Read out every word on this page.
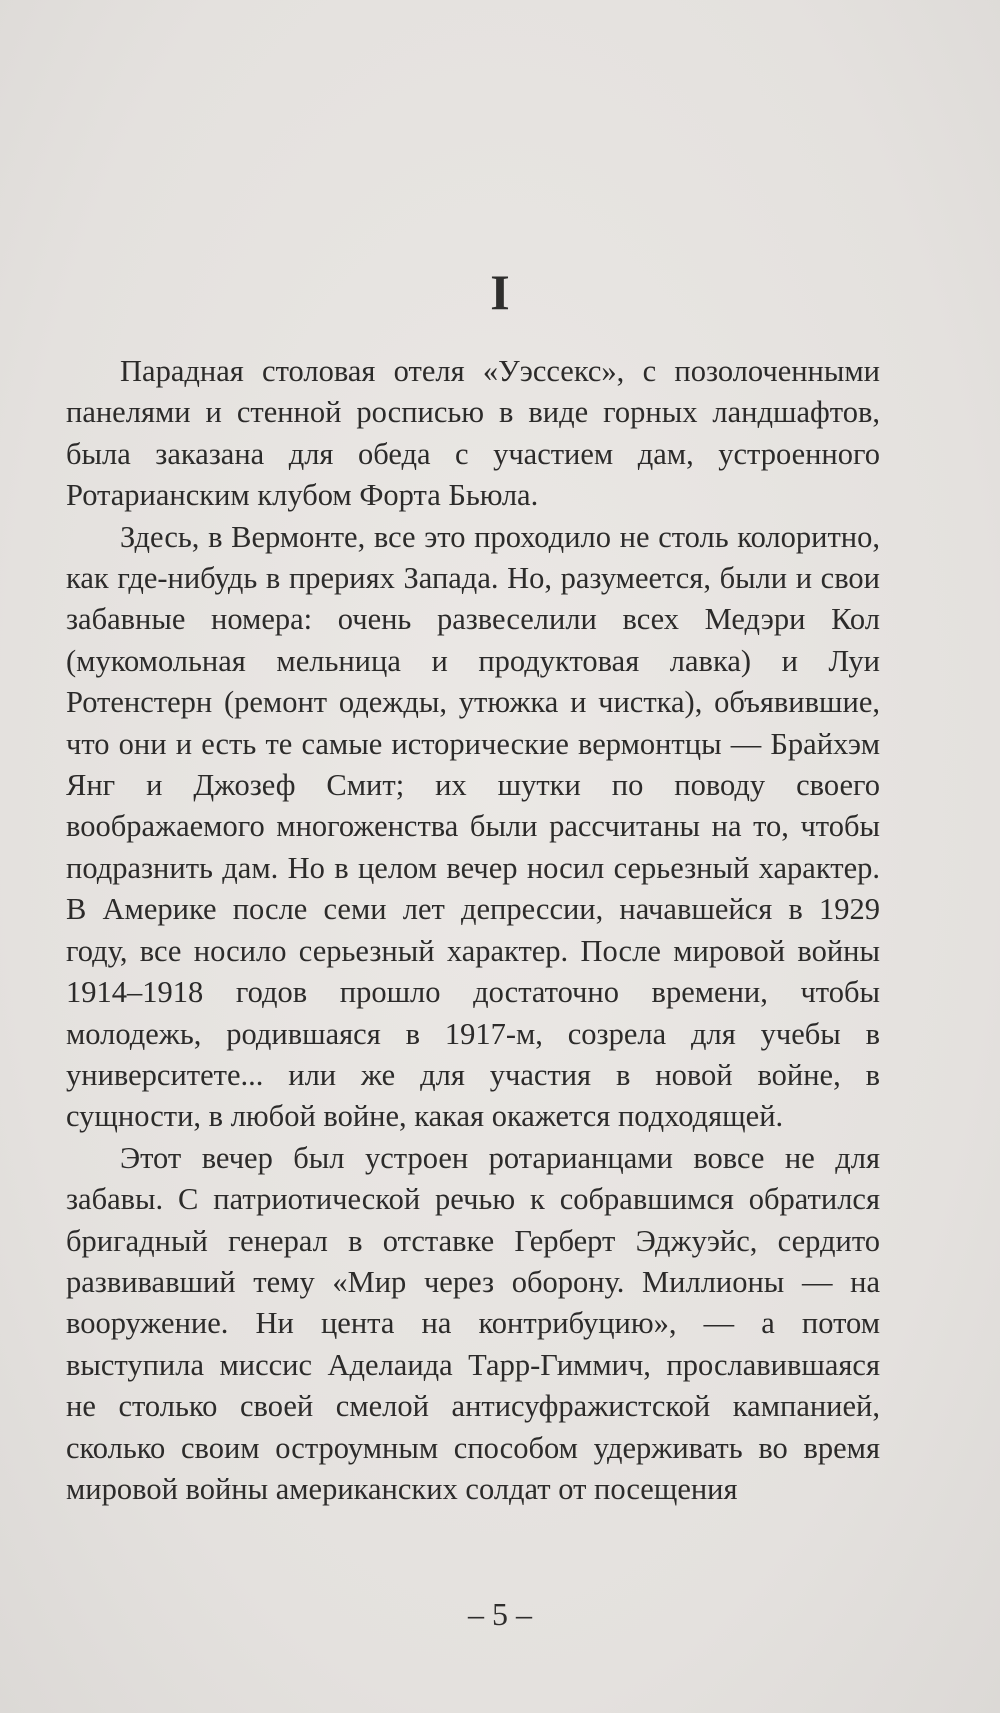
I

Парадная столовая отеля «Уэссекс», с позолоченными панелями и стенной росписью в виде горных ландшафтов, была заказана для обеда с участием дам, устроенного Ротарианским клубом Форта Бьюла.

Здесь, в Вермонте, все это проходило не столь колоритно, как где-нибудь в прериях Запада. Но, разумеется, были и свои забавные номера: очень развеселили всех Медэри Кол (мукомольная мельница и продуктовая лавка) и Луи Ротенстерн (ремонт одежды, утюжка и чистка), объявившие, что они и есть те самые исторические вермонтцы — Брайхэм Янг и Джозеф Смит; их шутки по поводу своего воображаемого многоженства были рассчитаны на то, чтобы подразнить дам. Но в целом вечер носил серьезный характер. В Америке после семи лет депрессии, начавшейся в 1929 году, все носило серьезный характер. После мировой войны 1914–1918 годов прошло достаточно времени, чтобы молодежь, родившаяся в 1917-м, созрела для учебы в университете... или же для участия в новой войне, в сущности, в любой войне, какая окажется подходящей.

Этот вечер был устроен ротарианцами вовсе не для забавы. С патриотической речью к собравшимся обратился бригадный генерал в отставке Герберт Эджуэйс, сердито развивавший тему «Мир через оборону. Миллионы — на вооружение. Ни цента на контрибуцию», — а потом выступила миссис Аделаида Тарр-Гиммич, прославившаяся не столько своей смелой антисуфражистской кампанией, сколько своим остроумным способом удерживать во время мировой войны американских солдат от посещения

– 5 –
